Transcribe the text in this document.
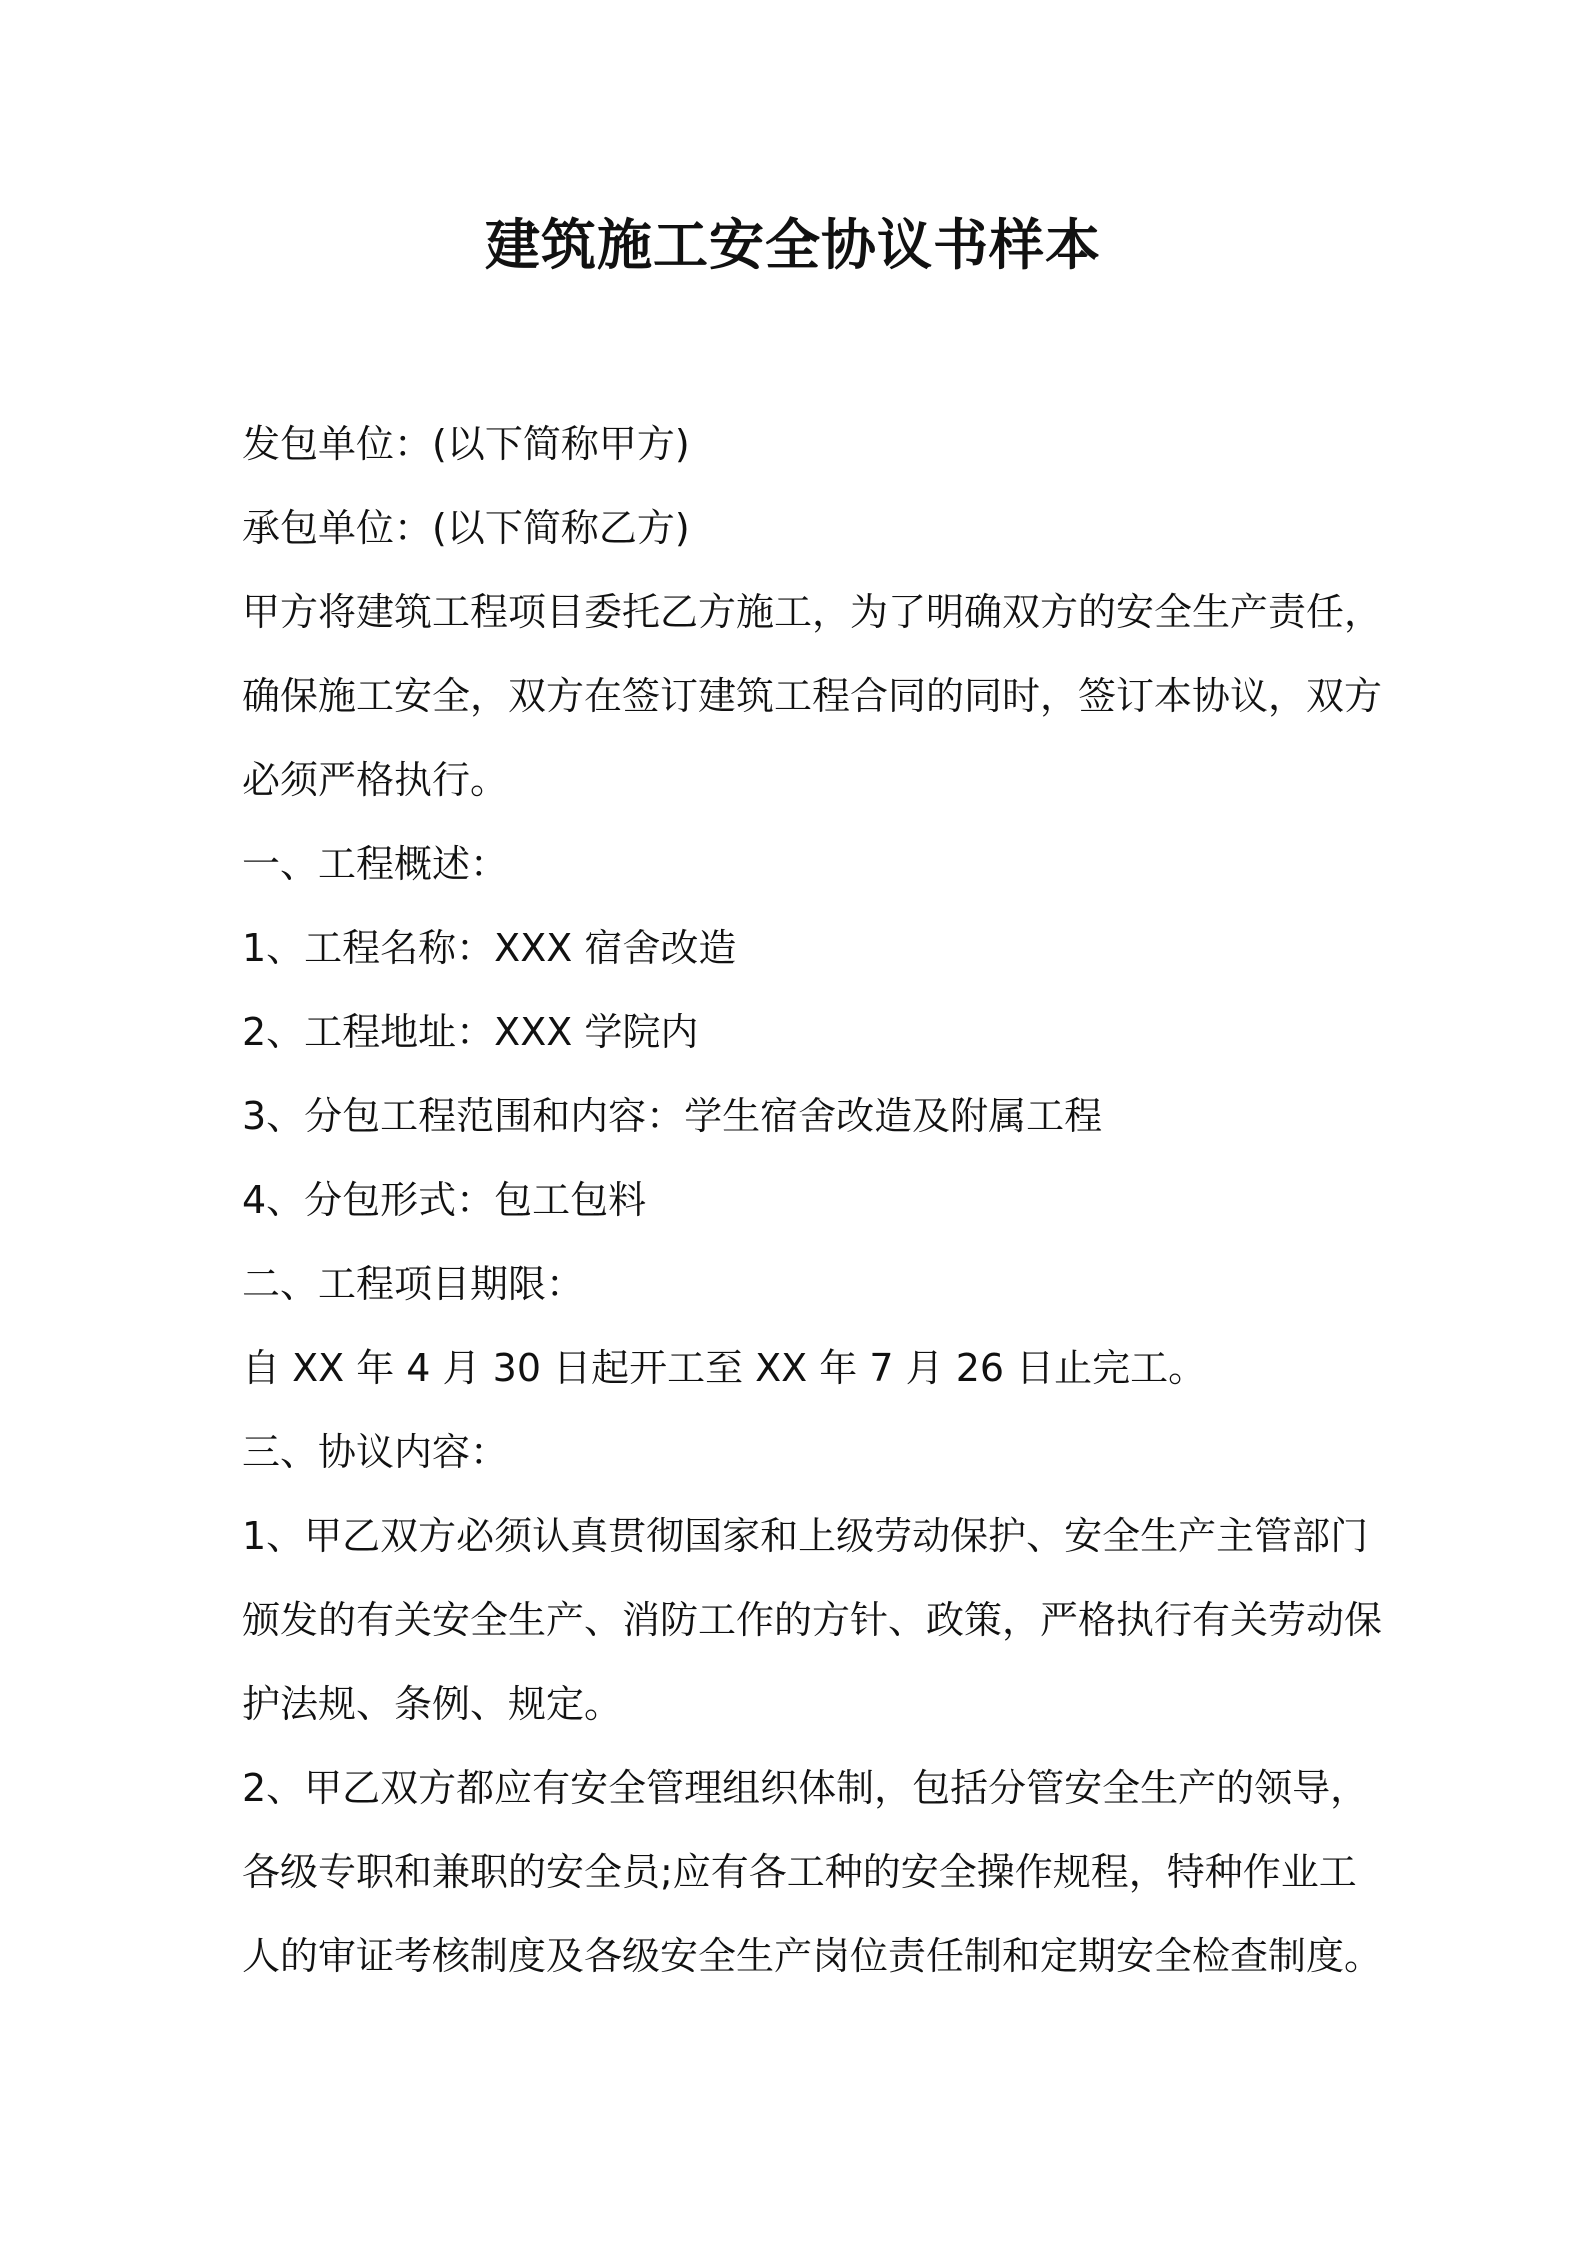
建筑施工安全协议书样本
发包单位：(以下简称甲方)
承包单位：(以下简称乙方)
甲方将建筑工程项目委托乙方施工，为了明确双方的安全生产责任，
确保施工安全，双方在签订建筑工程合同的同时，签订本协议，双方
必须严格执行。
一、工程概述：
1、工程名称：XXX 宿舍改造
2、工程地址：XXX 学院内
3、分包工程范围和内容：学生宿舍改造及附属工程
4、分包形式：包工包料
二、工程项目期限：
自 XX 年 4 月 30 日起开工至 XX 年 7 月 26 日止完工。
三、协议内容：
1、甲乙双方必须认真贯彻国家和上级劳动保护、安全生产主管部门
颁发的有关安全生产、消防工作的方针、政策，严格执行有关劳动保
护法规、条例、规定。
2、甲乙双方都应有安全管理组织体制，包括分管安全生产的领导，
各级专职和兼职的安全员;应有各工种的安全操作规程，特种作业工
人的审证考核制度及各级安全生产岗位责任制和定期安全检查制度。
